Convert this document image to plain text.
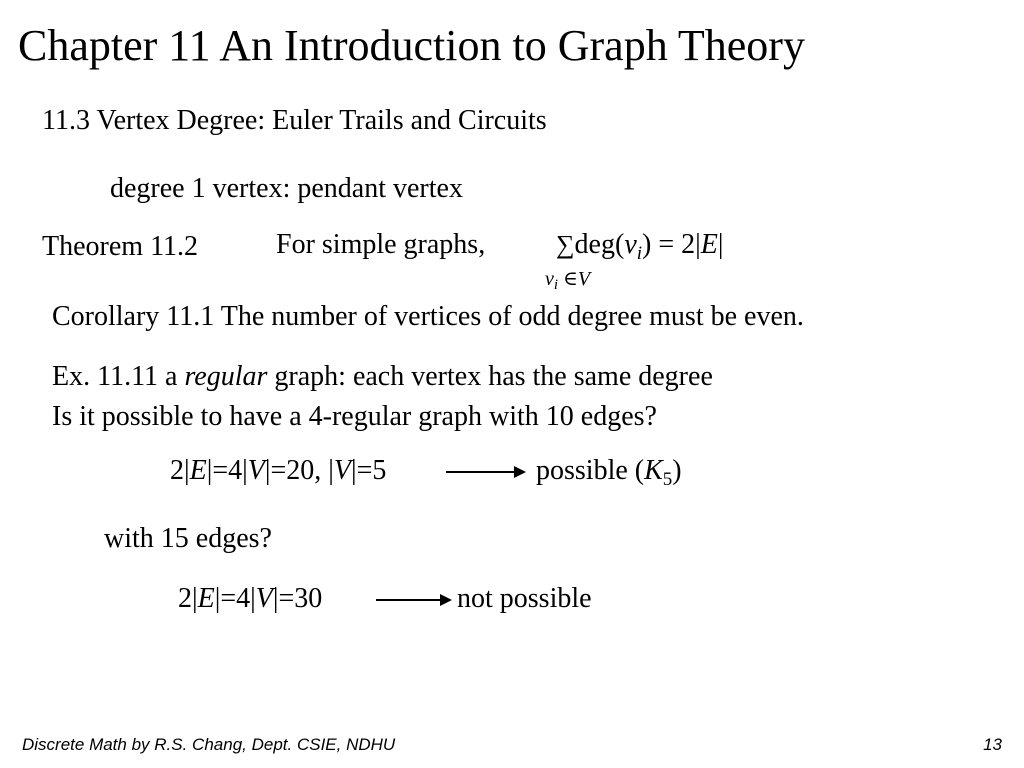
Chapter 11 An Introduction to Graph Theory
11.3 Vertex Degree: Euler Trails and Circuits
degree 1 vertex: pendant vertex
Theorem 11.2	For simple graphs,	$\sum deg(v_i) = 2|E|$
$v_i$ ∈V
Corollary 11.1 The number of vertices of odd degree must be even.
Ex. 11.11 a regular graph: each vertex has the same degree
Is it possible to have a 4-regular graph with 10 edges?
2|E|=4|V|=20, |V|=5	possible $(K_5)$
with 15 edges?
2|E|=4|V|=30	not possible
Discrete Math by R.S. Chang, Dept. CSIE, NDHU	13
